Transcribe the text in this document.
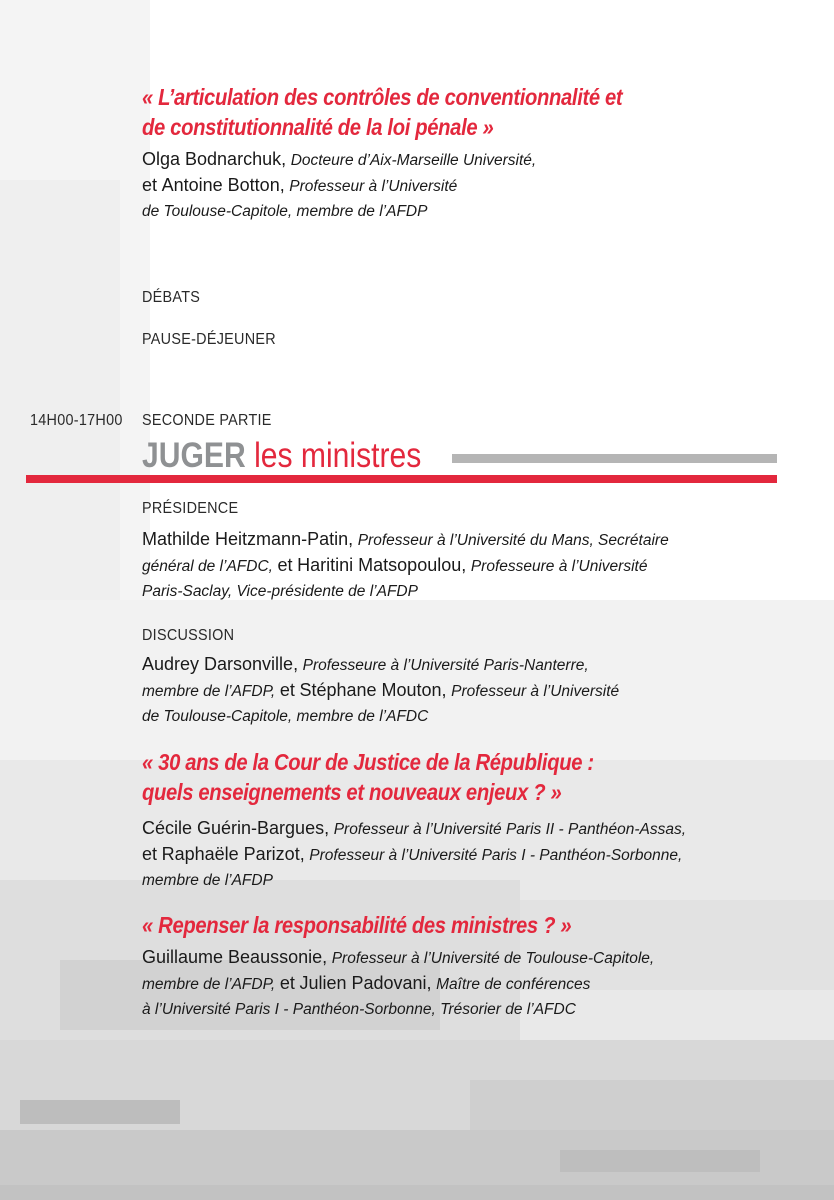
« L’articulation des contrôles de conventionnalité et
de constitutionnalité de la loi pénale »
Olga Bodnarchuk, Docteure d’Aix-Marseille Université,
et Antoine Botton, Professeur à l’Université
de Toulouse-Capitole, membre de l’AFDP
DÉBATS
PAUSE-DÉJEUNER
14H00-17H00 SECONDE PARTIE
JUGER les ministres
PRÉSIDENCE
Mathilde Heitzmann-Patin, Professeur à l’Université du Mans, Secrétaire
général de l’AFDC, et Haritini Matsopoulou, Professeure à l’Université
Paris-Saclay, Vice-présidente de l’AFDP
DISCUSSION
Audrey Darsonville, Professeure à l’Université Paris-Nanterre,
membre de l’AFDP, et Stéphane Mouton, Professeur à l’Université
de Toulouse-Capitole, membre de l’AFDC
« 30 ans de la Cour de Justice de la République :
quels enseignements et nouveaux enjeux ? »
Cécile Guérin-Bargues, Professeur à l’Université Paris II - Panthéon-Assas,
et Raphaële Parizot, Professeur à l’Université Paris I - Panthéon-Sorbonne,
membre de l’AFDP
« Repenser la responsabilité des ministres ? »
Guillaume Beaussonie, Professeur à l’Université de Toulouse-Capitole,
membre de l’AFDP, et Julien Padovani, Maître de conférences
à l’Université Paris I - Panthéon-Sorbonne, Trésorier de l’AFDC
